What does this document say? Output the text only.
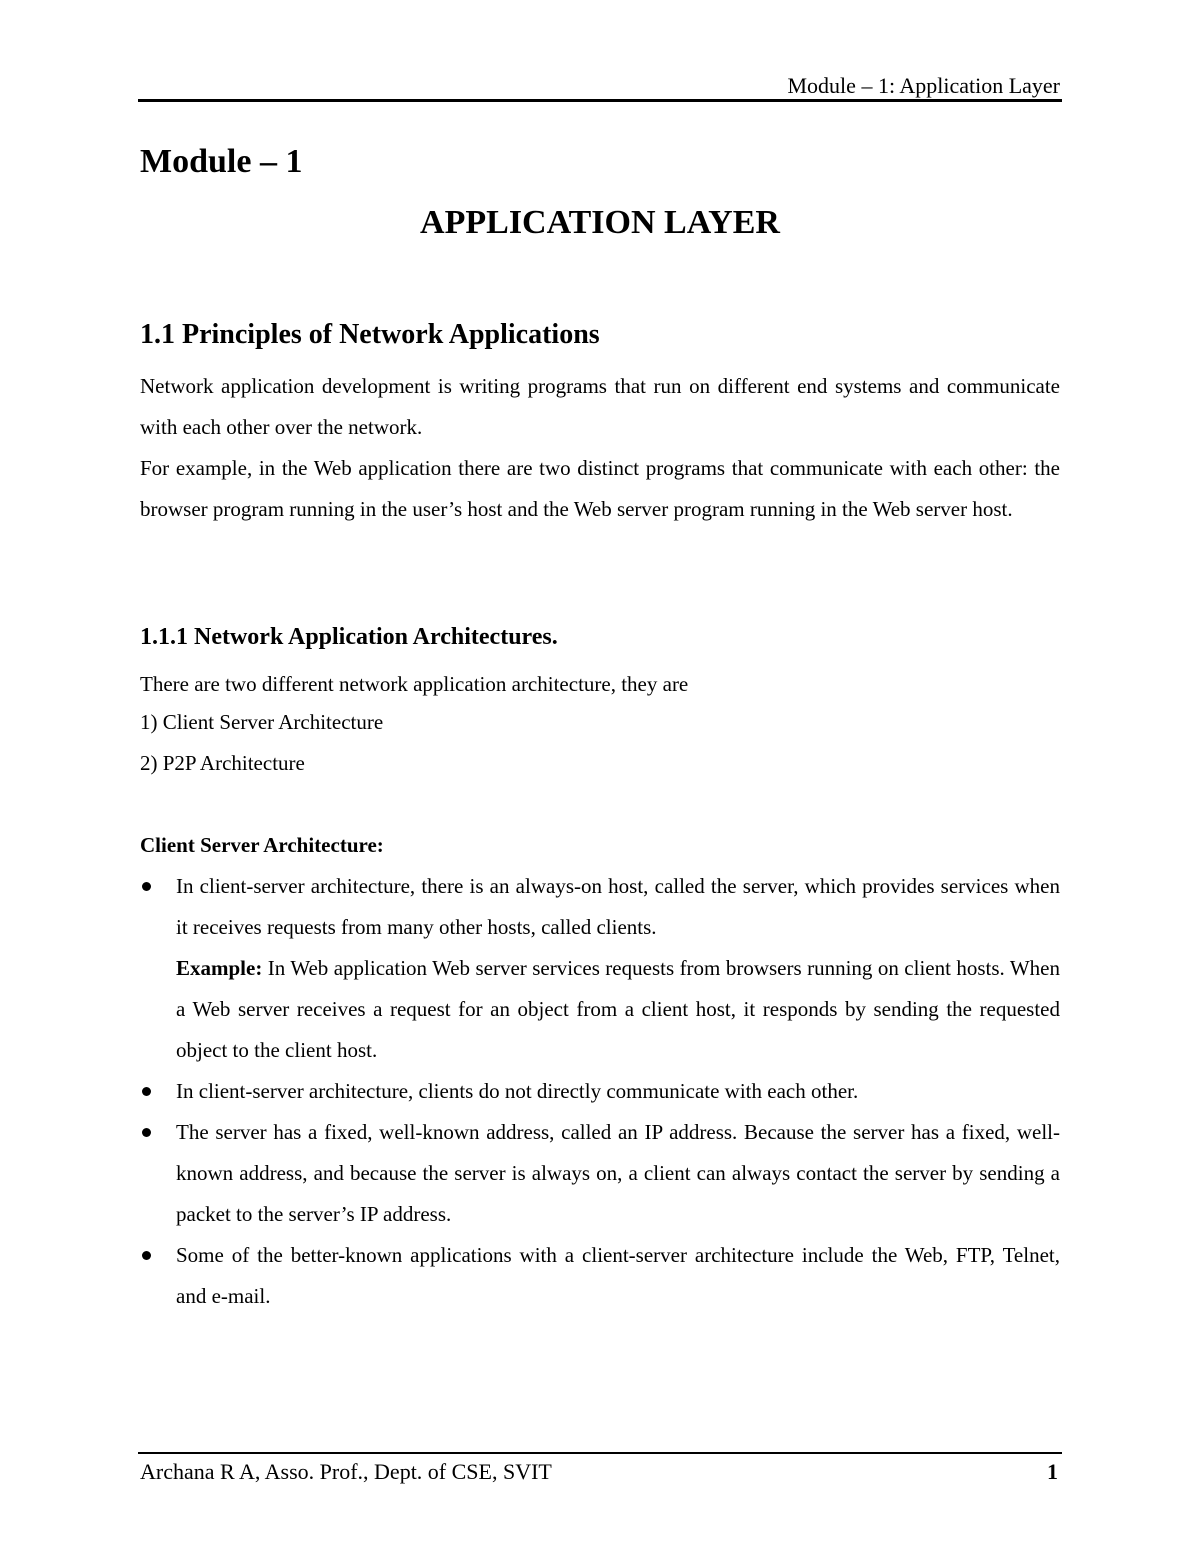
Module – 1: Application Layer
Module – 1
APPLICATION LAYER
1.1 Principles of Network Applications

Network application development is writing programs that run on different end systems and communicate with each other over the network.

For example, in the Web application there are two distinct programs that communicate with each other: the browser program running in the user’s host and the Web server program running in the Web server host.

1.1.1 Network Application Architectures.

There are two different network application architecture, they are

1) Client Server Architecture

2) P2P Architecture

Client Server Architecture:
In client-server architecture, there is an always-on host, called the server, which provides services when it receives requests from many other hosts, called clients.
Example: In Web application Web server services requests from browsers running on client hosts. When a Web server receives a request for an object from a client host, it responds by sending the requested object to the client host.
In client-server architecture, clients do not directly communicate with each other.
The server has a fixed, well-known address, called an IP address. Because the server has a fixed, well-known address, and because the server is always on, a client can always contact the server by sending a packet to the server’s IP address.
Some of the better-known applications with a client-server architecture include the Web, FTP, Telnet, and e-mail.
Archana R A, Asso. Prof., Dept. of CSE, SVIT	1
